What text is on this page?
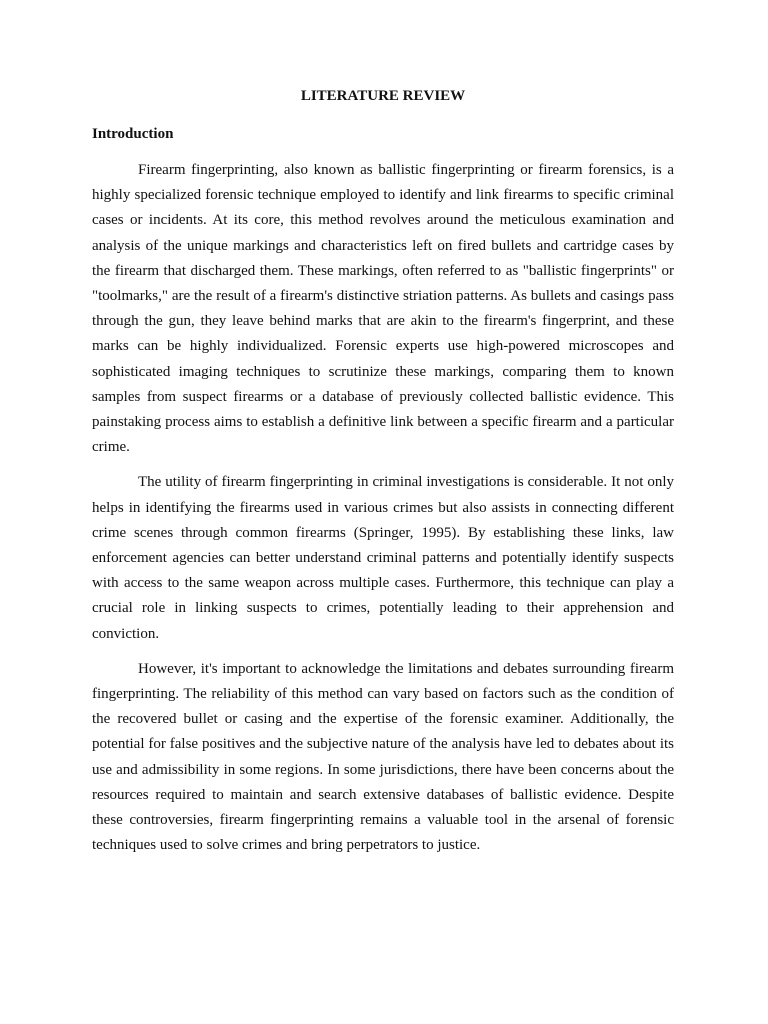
LITERATURE REVIEW
Introduction

Firearm fingerprinting, also known as ballistic fingerprinting or firearm forensics, is a highly specialized forensic technique employed to identify and link firearms to specific criminal cases or incidents. At its core, this method revolves around the meticulous examination and analysis of the unique markings and characteristics left on fired bullets and cartridge cases by the firearm that discharged them. These markings, often referred to as "ballistic fingerprints" or "toolmarks," are the result of a firearm's distinctive striation patterns. As bullets and casings pass through the gun, they leave behind marks that are akin to the firearm's fingerprint, and these marks can be highly individualized. Forensic experts use high-powered microscopes and sophisticated imaging techniques to scrutinize these markings, comparing them to known samples from suspect firearms or a database of previously collected ballistic evidence. This painstaking process aims to establish a definitive link between a specific firearm and a particular crime.

The utility of firearm fingerprinting in criminal investigations is considerable. It not only helps in identifying the firearms used in various crimes but also assists in connecting different crime scenes through common firearms (Springer, 1995). By establishing these links, law enforcement agencies can better understand criminal patterns and potentially identify suspects with access to the same weapon across multiple cases. Furthermore, this technique can play a crucial role in linking suspects to crimes, potentially leading to their apprehension and conviction.

However, it's important to acknowledge the limitations and debates surrounding firearm fingerprinting. The reliability of this method can vary based on factors such as the condition of the recovered bullet or casing and the expertise of the forensic examiner. Additionally, the potential for false positives and the subjective nature of the analysis have led to debates about its use and admissibility in some regions. In some jurisdictions, there have been concerns about the resources required to maintain and search extensive databases of ballistic evidence. Despite these controversies, firearm fingerprinting remains a valuable tool in the arsenal of forensic techniques used to solve crimes and bring perpetrators to justice.
